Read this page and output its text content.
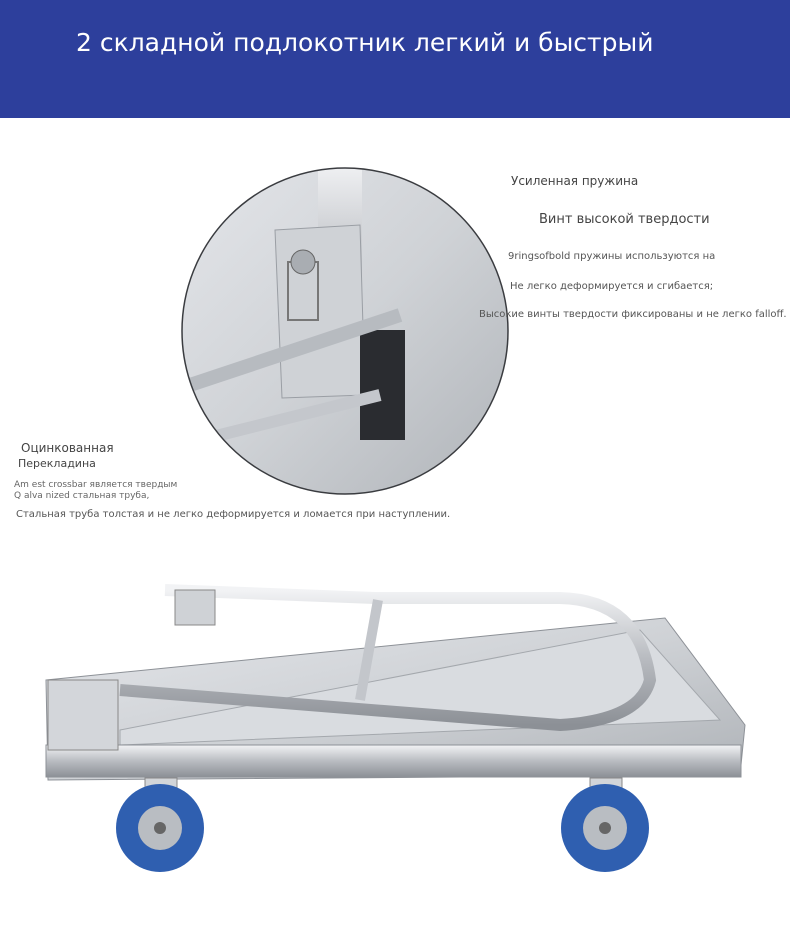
2 складной подлокотник легкий и быстрый
Усиленная пружина
Винт высокой твердости
9ringsofbold пружины используются на
Не легко деформируется и сгибается;
Высокие винты твердости фиксированы и не легко falloff.
Оцинкованная
Перекладина
Am est crossbar является твердым
Q alva nized стальная труба,
Стальная труба толстая и не легко деформируется и ломается при наступлении.
